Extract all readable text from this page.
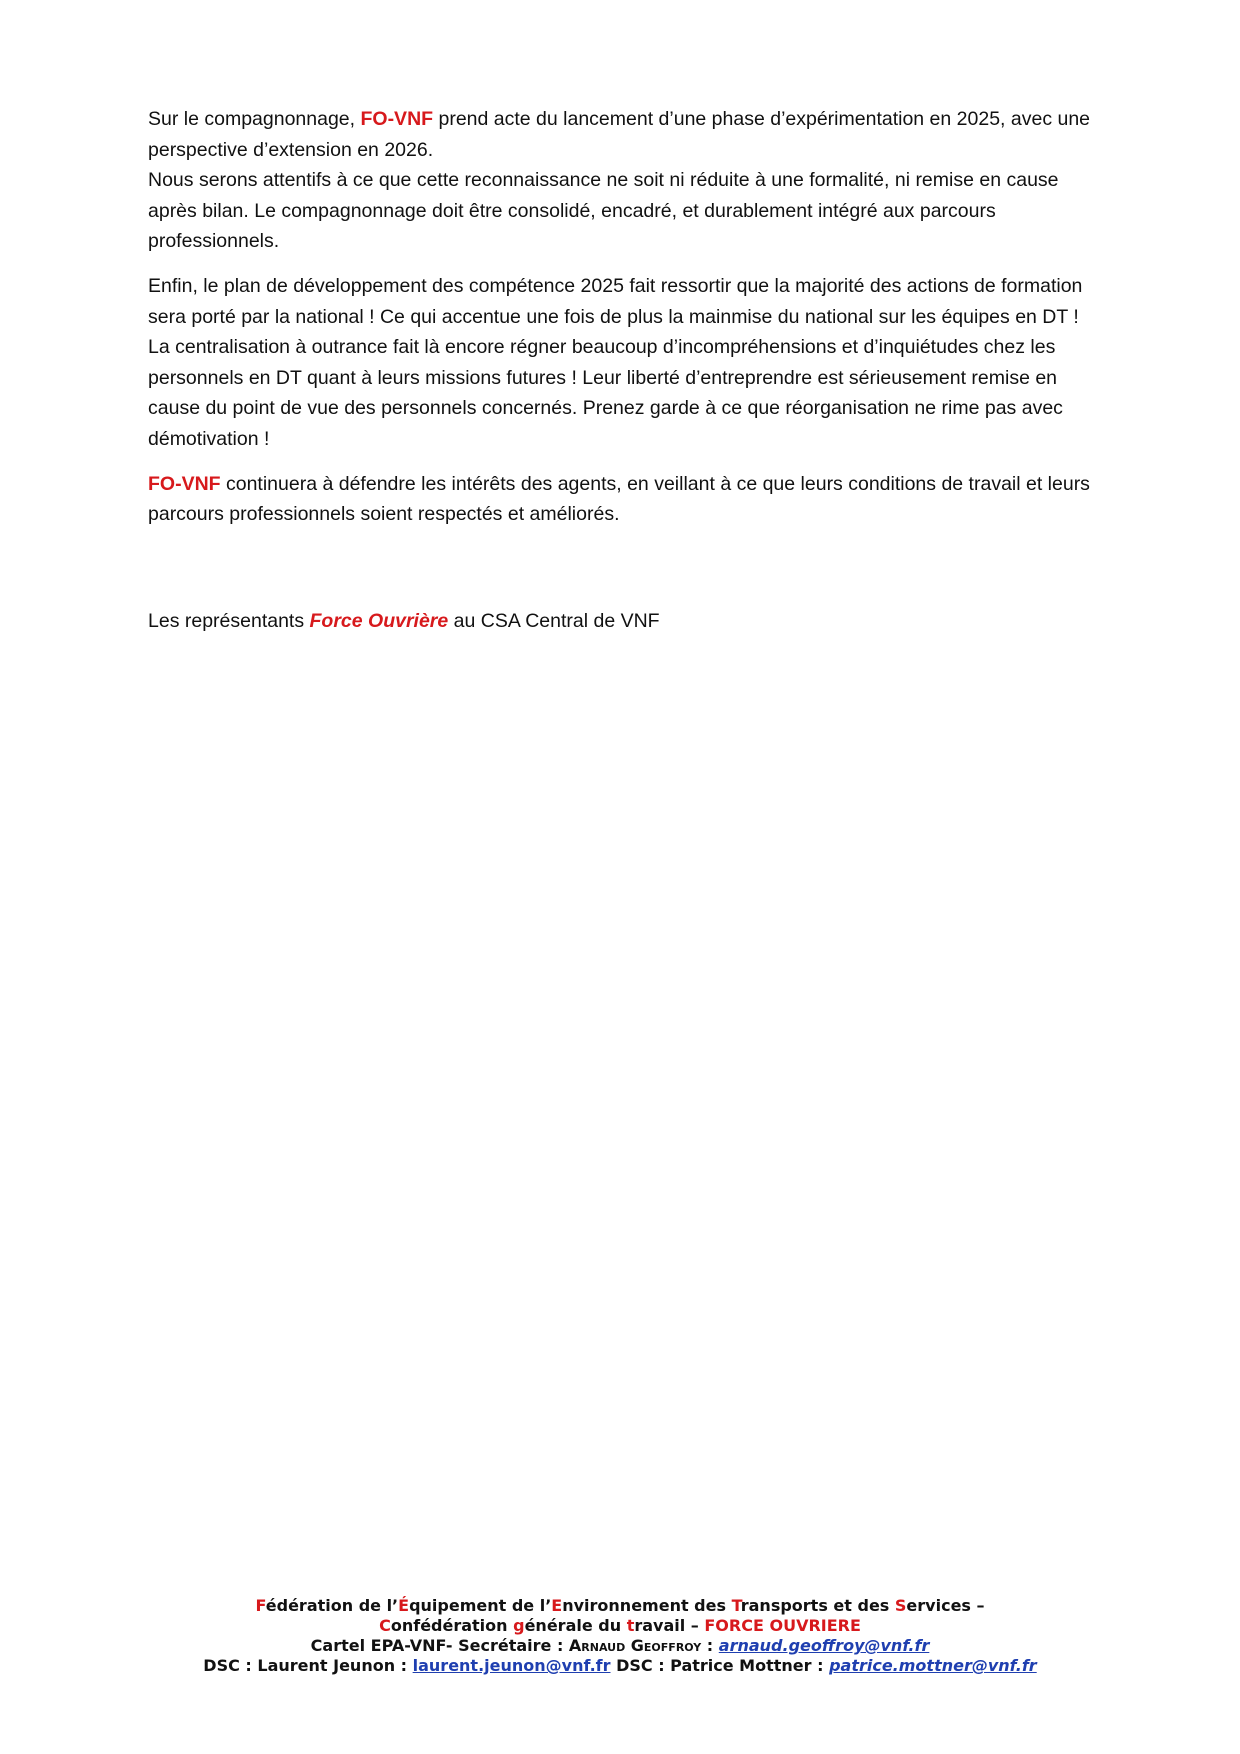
Sur le compagnonnage, FO-VNF prend acte du lancement d’une phase d’expérimentation en 2025, avec une perspective d’extension en 2026.
Nous serons attentifs à ce que cette reconnaissance ne soit ni réduite à une formalité, ni remise en cause après bilan. Le compagnonnage doit être consolidé, encadré, et durablement intégré aux parcours professionnels.

Enfin, le plan de développement des compétence 2025 fait ressortir que la majorité des actions de formation sera porté par la national ! Ce qui accentue une fois de plus la mainmise du national sur les équipes en DT ! La centralisation à outrance fait là encore régner beaucoup d’incompréhensions et d’inquiétudes chez les personnels en DT quant à leurs missions futures ! Leur liberté d’entreprendre est sérieusement remise en cause du point de vue des personnels concernés. Prenez garde à ce que réorganisation ne rime pas avec démotivation !

FO-VNF continuera à défendre les intérêts des agents, en veillant à ce que leurs conditions de travail et leurs parcours professionnels soient respectés et améliorés.

Les représentants Force Ouvrière au CSA Central de VNF
Fédération de l’Équipement de l’Environnement des Transports et des Services –
Confédération générale du travail – FORCE OUVRIERE
Cartel EPA-VNF- Secrétaire : Arnaud Geoffroy : arnaud.geoffroy@vnf.fr
DSC : Laurent Jeunon : laurent.jeunon@vnf.fr DSC : Patrice Mottner : patrice.mottner@vnf.fr
